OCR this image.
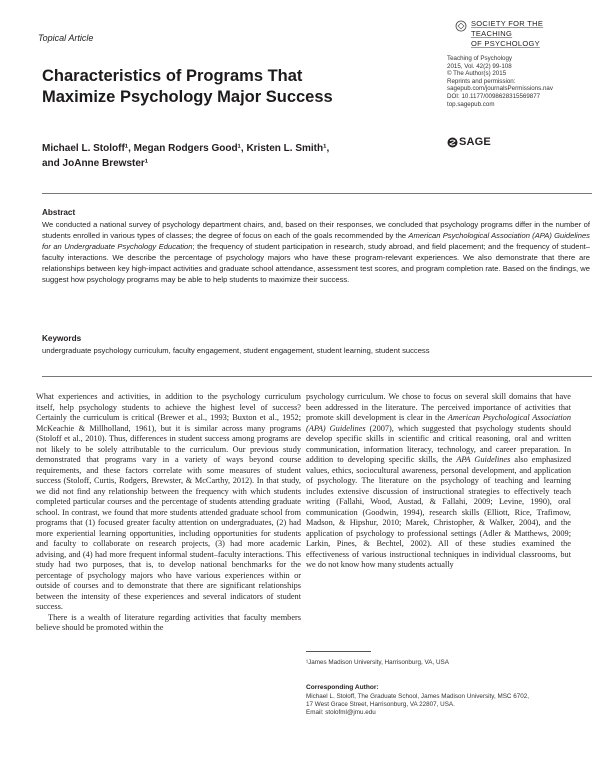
Topical Article
SOCIETY FOR THE TEACHING
OF PSYCHOLOGY
Characteristics of Programs That
Maximize Psychology Major Success
Teaching of Psychology
2015, Vol. 42(2) 99-108
© The Author(s) 2015
Reprints and permission:
sagepub.com/journalsPermissions.nav
DOI: 10.1177/0098628315569877
top.sagepub.com
SAGE
Michael L. Stoloff¹, Megan Rodgers Good¹, Kristen L. Smith¹,
and JoAnne Brewster¹
Abstract
We conducted a national survey of psychology department chairs, and, based on their responses, we concluded that psychology programs differ in the number of students enrolled in various types of classes; the degree of focus on each of the goals recommended by the American Psychological Association (APA) Guidelines for an Undergraduate Psychology Education; the frequency of student participation in research, study abroad, and field placement; and the frequency of student–faculty interactions. We describe the percentage of psychology majors who have these program-relevant experiences. We also demonstrate that there are relationships between key high-impact activities and graduate school attendance, assessment test scores, and program completion rate. Based on the findings, we suggest how psychology programs may be able to help students to maximize their success.
Keywords
undergraduate psychology curriculum, faculty engagement, student engagement, student learning, student success

What experiences and activities, in addition to the psychology curriculum itself, help psychology students to achieve the highest level of success? Certainly the curriculum is critical (Brewer et al., 1993; Buxton et al., 1952; McKeachie & Millholland, 1961), but it is similar across many programs (Stoloff et al., 2010). Thus, differences in student success among programs are not likely to be solely attributable to the curriculum. Our previous study demonstrated that programs vary in a variety of ways beyond course requirements, and these factors correlate with some measures of student success (Stoloff, Curtis, Rodgers, Brewster, & McCarthy, 2012). In that study, we did not find any relationship between the frequency with which students completed particular courses and the percentage of students attending graduate school. In contrast, we found that more students attended graduate school from programs that (1) focused greater faculty attention on undergraduates, (2) had more experiential learning opportunities, including opportunities for students and faculty to collaborate on research projects, (3) had more academic advising, and (4) had more frequent informal student–faculty interactions. This study had two purposes, that is, to develop national benchmarks for the percentage of psychology majors who have various experiences within or outside of courses and to demonstrate that there are significant relationships between the intensity of these experiences and several indicators of student success.

There is a wealth of literature regarding activities that faculty members believe should be promoted within the

psychology curriculum. We chose to focus on several skill domains that have been addressed in the literature. The perceived importance of activities that promote skill development is clear in the American Psychological Association (APA) Guidelines (2007), which suggested that psychology students should develop specific skills in scientific and critical reasoning, oral and written communication, information literacy, technology, and career preparation. In addition to developing specific skills, the APA Guidelines also emphasized values, ethics, sociocultural awareness, personal development, and application of psychology. The literature on the psychology of teaching and learning includes extensive discussion of instructional strategies to effectively teach writing (Fallahi, Wood, Austad, & Fallahi, 2009; Levine, 1990), oral communication (Goodwin, 1994), research skills (Elliott, Rice, Trafimow, Madson, & Hipshur, 2010; Marek, Christopher, & Walker, 2004), and the application of psychology to professional settings (Adler & Matthews, 2009; Larkin, Pines, & Bechtel, 2002). All of these studies examined the effectiveness of various instructional techniques in individual classrooms, but we do not know how many students actually

¹James Madison University, Harrisonburg, VA, USA
Corresponding Author:
Michael L. Stoloff, The Graduate School, James Madison University, MSC 6702,
17 West Grace Street, Harrisonburg, VA 22807, USA.
Email: stolofml@jmu.edu
